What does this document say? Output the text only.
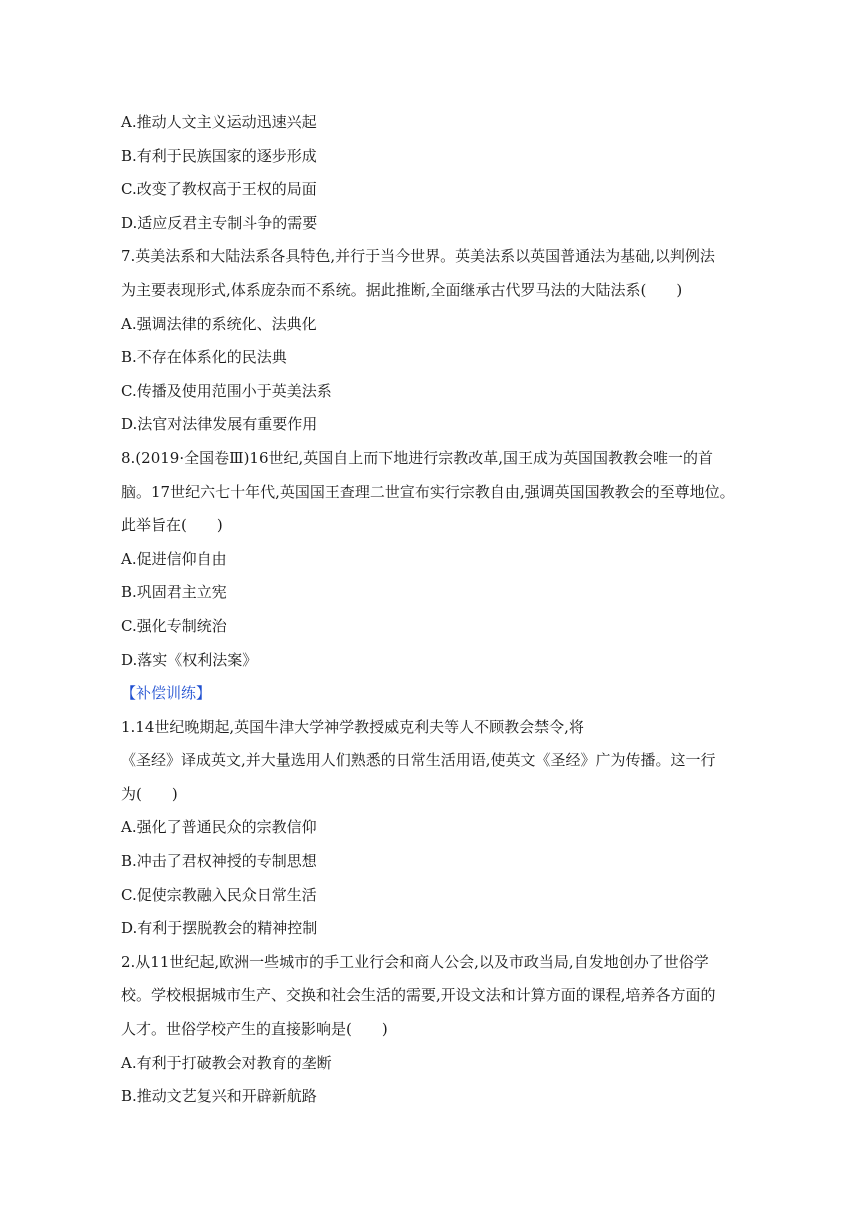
A.推动人文主义运动迅速兴起

B.有利于民族国家的逐步形成

C.改变了教权高于王权的局面

D.适应反君主专制斗争的需要

7.英美法系和大陆法系各具特色,并行于当今世界。英美法系以英国普通法为基础,以判例法

为主要表现形式,体系庞杂而不系统。据此推断,全面继承古代罗马法的大陆法系(　　)

A.强调法律的系统化、法典化

B.不存在体系化的民法典

C.传播及使用范围小于英美法系

D.法官对法律发展有重要作用

8.(2019·全国卷Ⅲ)16世纪,英国自上而下地进行宗教改革,国王成为英国国教教会唯一的首

脑。17世纪六七十年代,英国国王查理二世宣布实行宗教自由,强调英国国教教会的至尊地位。

此举旨在(　　)

A.促进信仰自由

B.巩固君主立宪

C.强化专制统治

D.落实《权利法案》

【补偿训练】

1.14世纪晚期起,英国牛津大学神学教授威克利夫等人不顾教会禁令,将

《圣经》译成英文,并大量选用人们熟悉的日常生活用语,使英文《圣经》广为传播。这一行

为(　　)

A.强化了普通民众的宗教信仰

B.冲击了君权神授的专制思想

C.促使宗教融入民众日常生活

D.有利于摆脱教会的精神控制

2.从11世纪起,欧洲一些城市的手工业行会和商人公会,以及市政当局,自发地创办了世俗学

校。学校根据城市生产、交换和社会生活的需要,开设文法和计算方面的课程,培养各方面的

人才。世俗学校产生的直接影响是(　　)

A.有利于打破教会对教育的垄断

B.推动文艺复兴和开辟新航路
